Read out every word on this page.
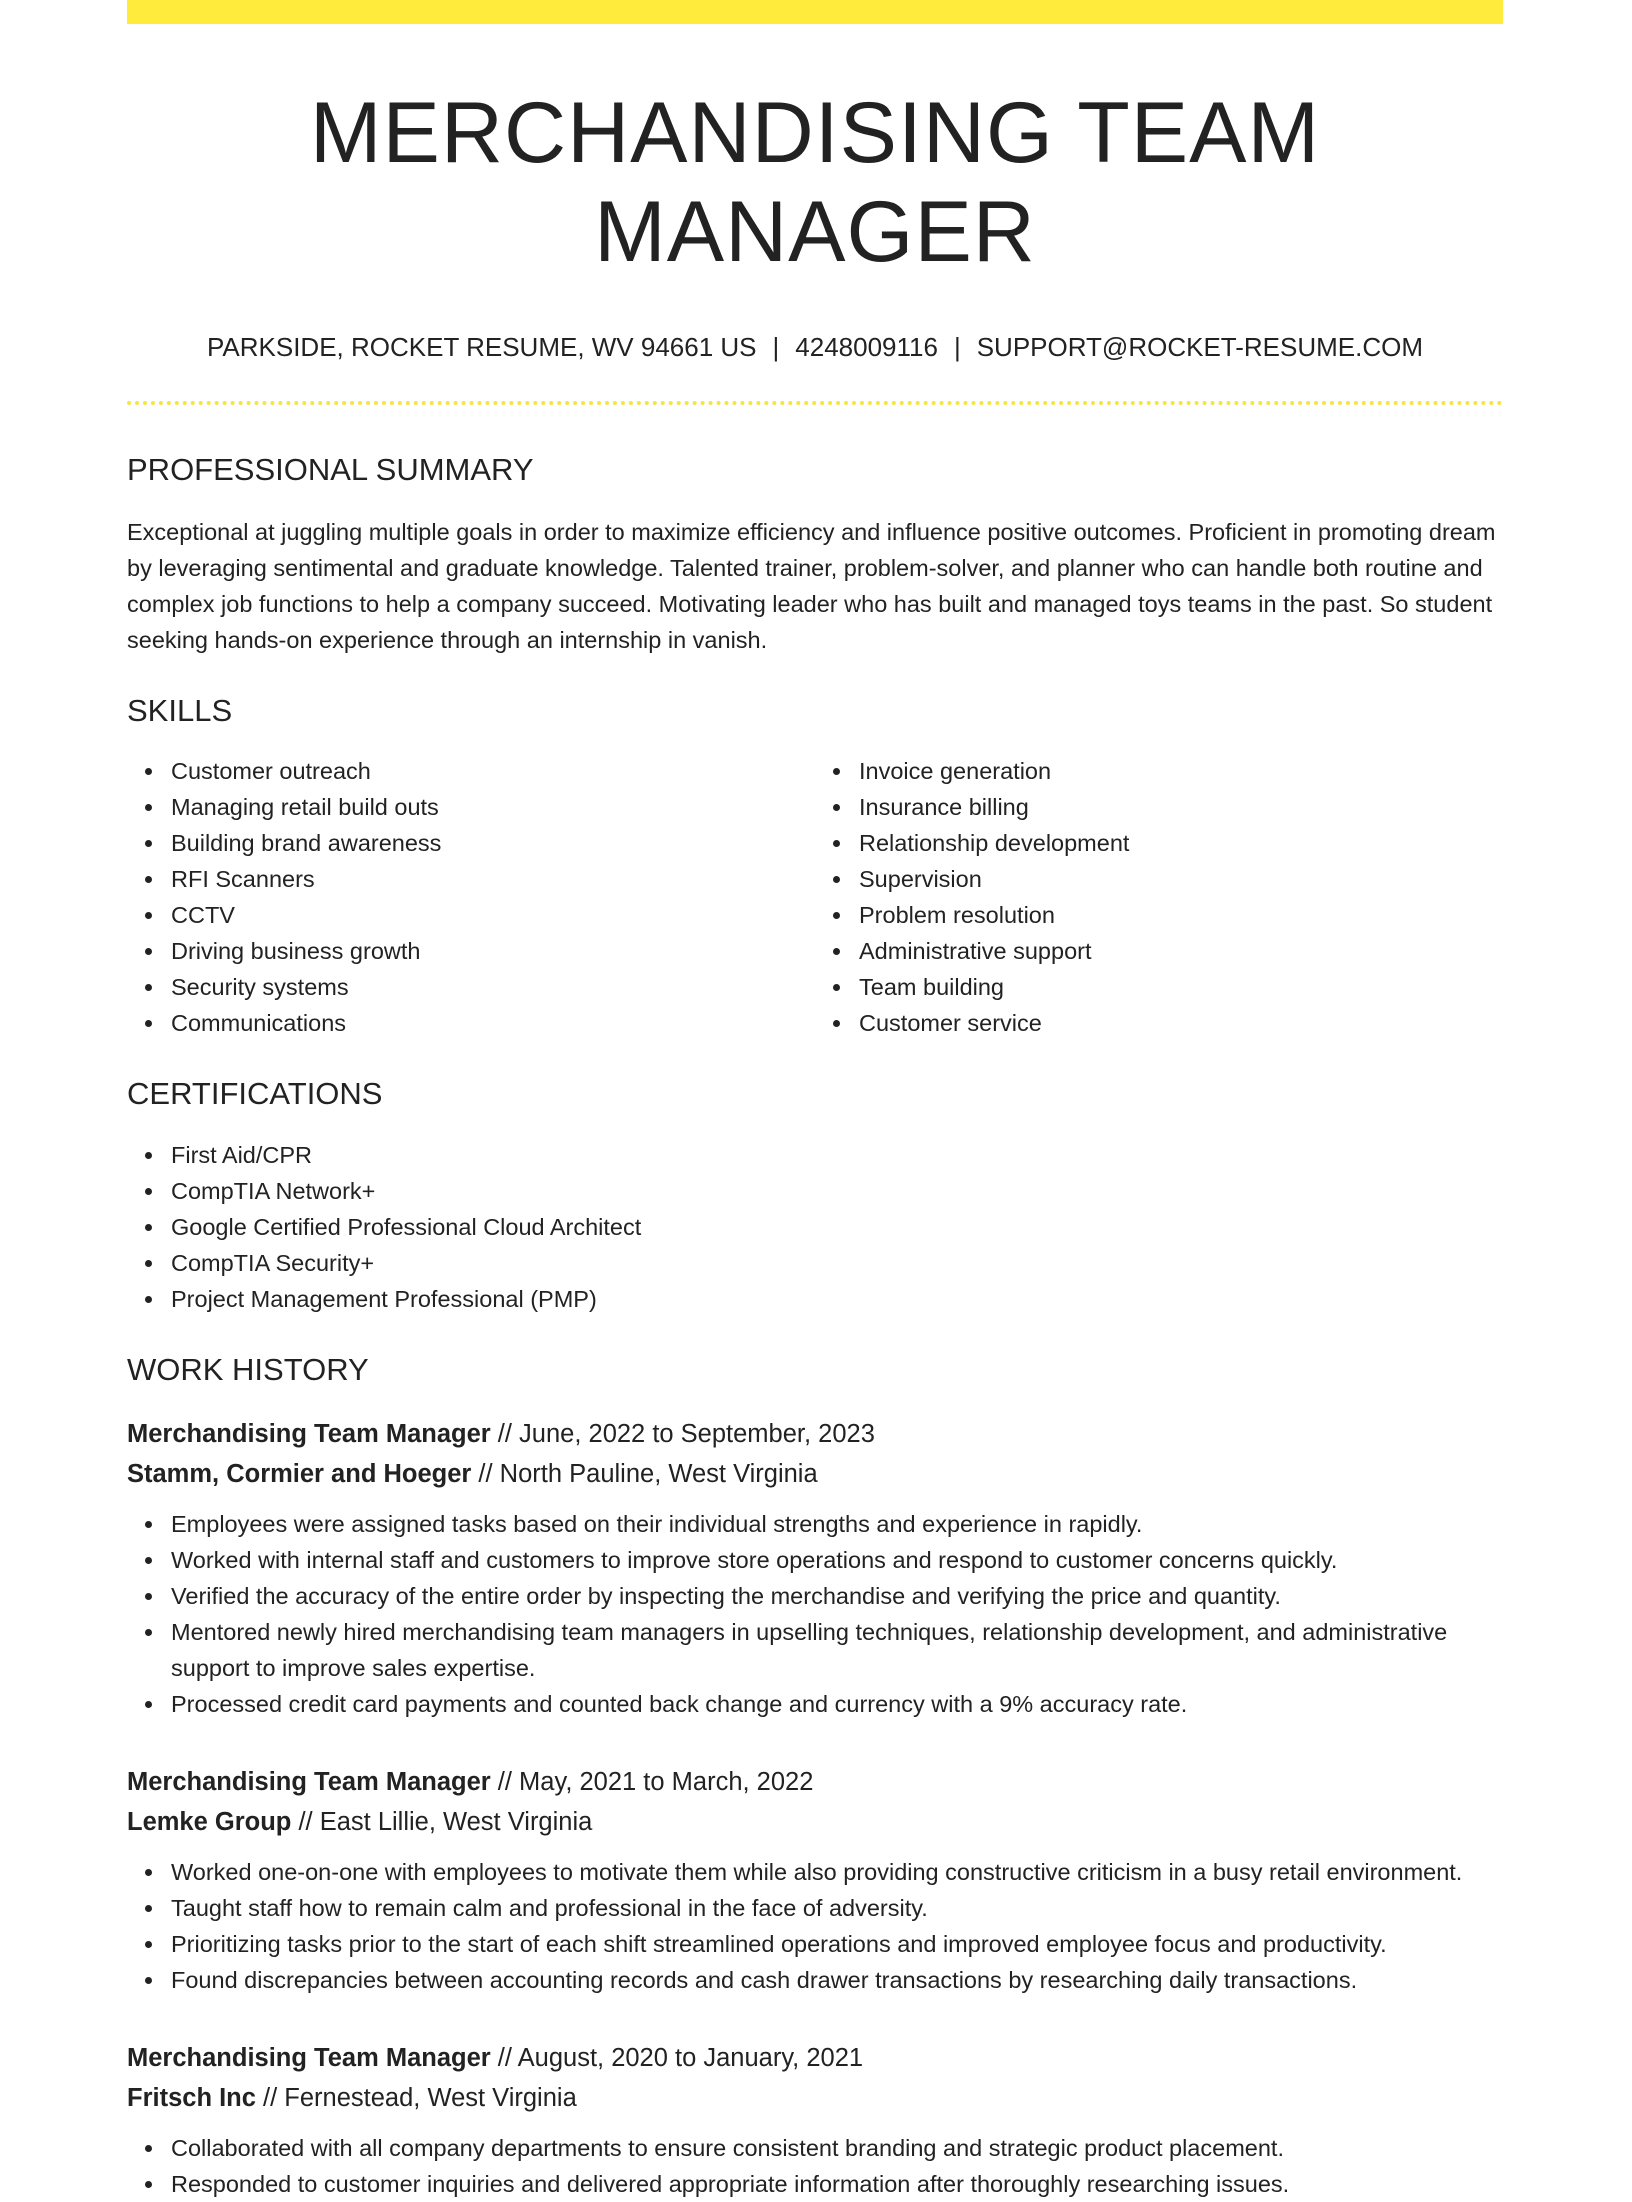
MERCHANDISING TEAM MANAGER
PARKSIDE, ROCKET RESUME, WV 94661 US | 4248009116 | SUPPORT@ROCKET-RESUME.COM
PROFESSIONAL SUMMARY
Exceptional at juggling multiple goals in order to maximize efficiency and influence positive outcomes. Proficient in promoting dream by leveraging sentimental and graduate knowledge. Talented trainer, problem-solver, and planner who can handle both routine and complex job functions to help a company succeed. Motivating leader who has built and managed toys teams in the past. So student seeking hands-on experience through an internship in vanish.
SKILLS
Customer outreach
Managing retail build outs
Building brand awareness
RFI Scanners
CCTV
Driving business growth
Security systems
Communications
Invoice generation
Insurance billing
Relationship development
Supervision
Problem resolution
Administrative support
Team building
Customer service
CERTIFICATIONS
First Aid/CPR
CompTIA Network+
Google Certified Professional Cloud Architect
CompTIA Security+
Project Management Professional (PMP)
WORK HISTORY
Merchandising Team Manager // June, 2022 to September, 2023
Stamm, Cormier and Hoeger // North Pauline, West Virginia
Employees were assigned tasks based on their individual strengths and experience in rapidly.
Worked with internal staff and customers to improve store operations and respond to customer concerns quickly.
Verified the accuracy of the entire order by inspecting the merchandise and verifying the price and quantity.
Mentored newly hired merchandising team managers in upselling techniques, relationship development, and administrative support to improve sales expertise.
Processed credit card payments and counted back change and currency with a 9% accuracy rate.
Merchandising Team Manager // May, 2021 to March, 2022
Lemke Group // East Lillie, West Virginia
Worked one-on-one with employees to motivate them while also providing constructive criticism in a busy retail environment.
Taught staff how to remain calm and professional in the face of adversity.
Prioritizing tasks prior to the start of each shift streamlined operations and improved employee focus and productivity.
Found discrepancies between accounting records and cash drawer transactions by researching daily transactions.
Merchandising Team Manager // August, 2020 to January, 2021
Fritsch Inc // Fernestead, West Virginia
Collaborated with all company departments to ensure consistent branding and strategic product placement.
Responded to customer inquiries and delivered appropriate information after thoroughly researching issues.
